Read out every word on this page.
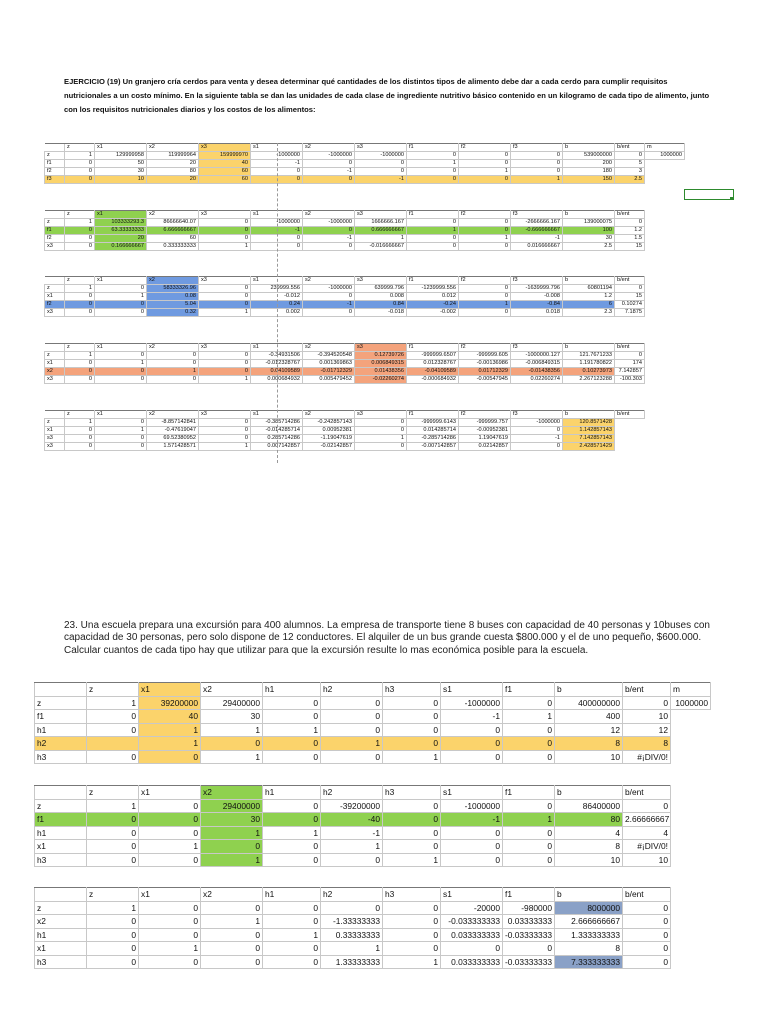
EJERCICIO (19) Un granjero cría cerdos para venta y desea determinar qué cantidades de los distintos tipos de alimento debe dar a cada cerdo para cumplir requisitos nutricionales a un costo mínimo. En la siguiente tabla se dan las unidades de cada clase de ingrediente nutritivo básico contenido en un kilogramo de cada tipo de alimento, junto con los requisitos nutricionales diarios y los costos de los alimentos:
	z	x1	x2	x3	s1	s2	s3	f1	f2	f3	b	b/ent	m
z	1	129999958	119999964	159999970	-1000000	-1000000	-1000000	0	0	0	539000000	0	1000000
f1	0	50	20	40	-1	0	0	1	0	0	200	5	
f2	0	30	80	60	0	-1	0	0	1	0	180	3	
f3	0	10	20	60	0	0	-1	0	0	1	150	2.5	
	z	x1	x2	x3	s1	s2	s3	f1	f2	f3	b	b/ent
z	1	103333293.3	86666640.07	0	-1000000	-1000000	1666666.167	0	0	-2666666.167	139000075	0
f1	0	63.33333333	6.666666667	0	-1	0	0.666666667	1	0	-0.666666667	100	1.2
f2	0	20	60	0	0	-1	1	0	1	-1	30	1.5
x3	0	0.166666667	0.333333333	1	0	0	-0.016666667	0	0	0.016666667	2.5	15
	z	x1	x2	x3	s1	s2	s3	f1	f2	f3	b	b/ent
z	1	0	58333326.96	0	239999.556	-1000000	639999.796	-1239999.556	0	-1639999.796	60801194	0
x1	0	1	0.08	0	-0.012	0	0.008	0.012	0	-0.008	1.2	15
f2	0	0	5.04	0	0.24	-1	0.84	-0.24	1	-0.84	6	0.10274
x3	0	0	0.32	1	0.002	0	-0.018	-0.002	0	0.018	2.3	7.1875
	z	x1	x2	x3	s1	s2	s3	f1	f2	f3	b	b/ent
z	1	0	0	0	-0.34931506	-0.394520548	0.12739726	-999999.6507	-999999.605	-1000000.127	121.7671233	0
x1	0	1	0	0	-0.012328767	0.001369863	0.006849315	0.012328767	-0.00136986	-0.006849315	1.191780822	174
x2	0	0	1	0	0.04109589	-0.01712329	0.01438356	-0.04109589	0.01712329	-0.01438356	0.10273973	7.142857
x3	0	0	0	1	0.000684932	0.005479452	-0.02260274	-0.000684932	-0.00547945	0.02260274	2.267123288	-100.303
	z	x1	x2	x3	s1	s2	s3	f1	f2	f3	b	b/ent
z	1	0	-8.857142841	0	-0.385714286	-0.242857143	0	-999999.6143	-999999.757	-1000000	120.8571428	
x1	0	1	-0.47619047	0	-0.014285714	0.00952381	0	0.014285714	-0.00952381	0	1.142857143	
s3	0	0	69.52380952	0	0.285714286	-1.19047619	1	-0.285714286	1.19047619	-1	7.142857143	
x3	0	0	1.571428571	1	0.007142857	-0.02142857	0	-0.007142857	0.02142857	0	2.428571429	
23. Una escuela prepara una excursión para 400 alumnos. La empresa de transporte tiene 8 buses con capacidad de 40 personas y 10buses con capacidad de 30 personas, pero solo dispone de 12 conductores. El alquiler de un bus grande cuesta $800.000 y el de uno pequeño, $600.000. Calcular cuantos de cada tipo hay que utilizar para que la excursión resulte lo mas económica posible para la escuela.
	z	x1	x2	h1	h2	h3	s1	f1	b	b/ent	m
z	1	39200000	29400000	0	0	0	-1000000	0	400000000	0	1000000
f1	0	40	30	0	0	0	-1	1	400	10	
h1	0	1	1	1	0	0	0	0	12	12	
h2		1	0	0	1	0	0	0	8	8	
h3	0	0	1	0	0	1	0	0	10	#¡DIV/0!	
	z	x1	x2	h1	h2	h3	s1	f1	b	b/ent
z	1	0	29400000	0	-39200000	0	-1000000	0	86400000	0
f1	0	0	30	0	-40	0	-1	1	80	2.66666667
h1	0	0	1	1	-1	0	0	0	4	4
x1	0	1	0	0	1	0	0	0	8	#¡DIV/0!
h3	0	0	1	0	0	1	0	0	10	10
	z	x1	x2	h1	h2	h3	s1	f1	b	b/ent
z	1	0	0	0	0	0	-20000	-980000	8000000	0
x2	0	0	1	0	-1.33333333	0	-0.033333333	0.03333333	2.666666667	0
h1	0	0	0	1	0.33333333	0	0.033333333	-0.03333333	1.333333333	0
x1	0	1	0	0	1	0	0	0	8	0
h3	0	0	0	0	1.33333333	1	0.033333333	-0.03333333	7.333333333	0
